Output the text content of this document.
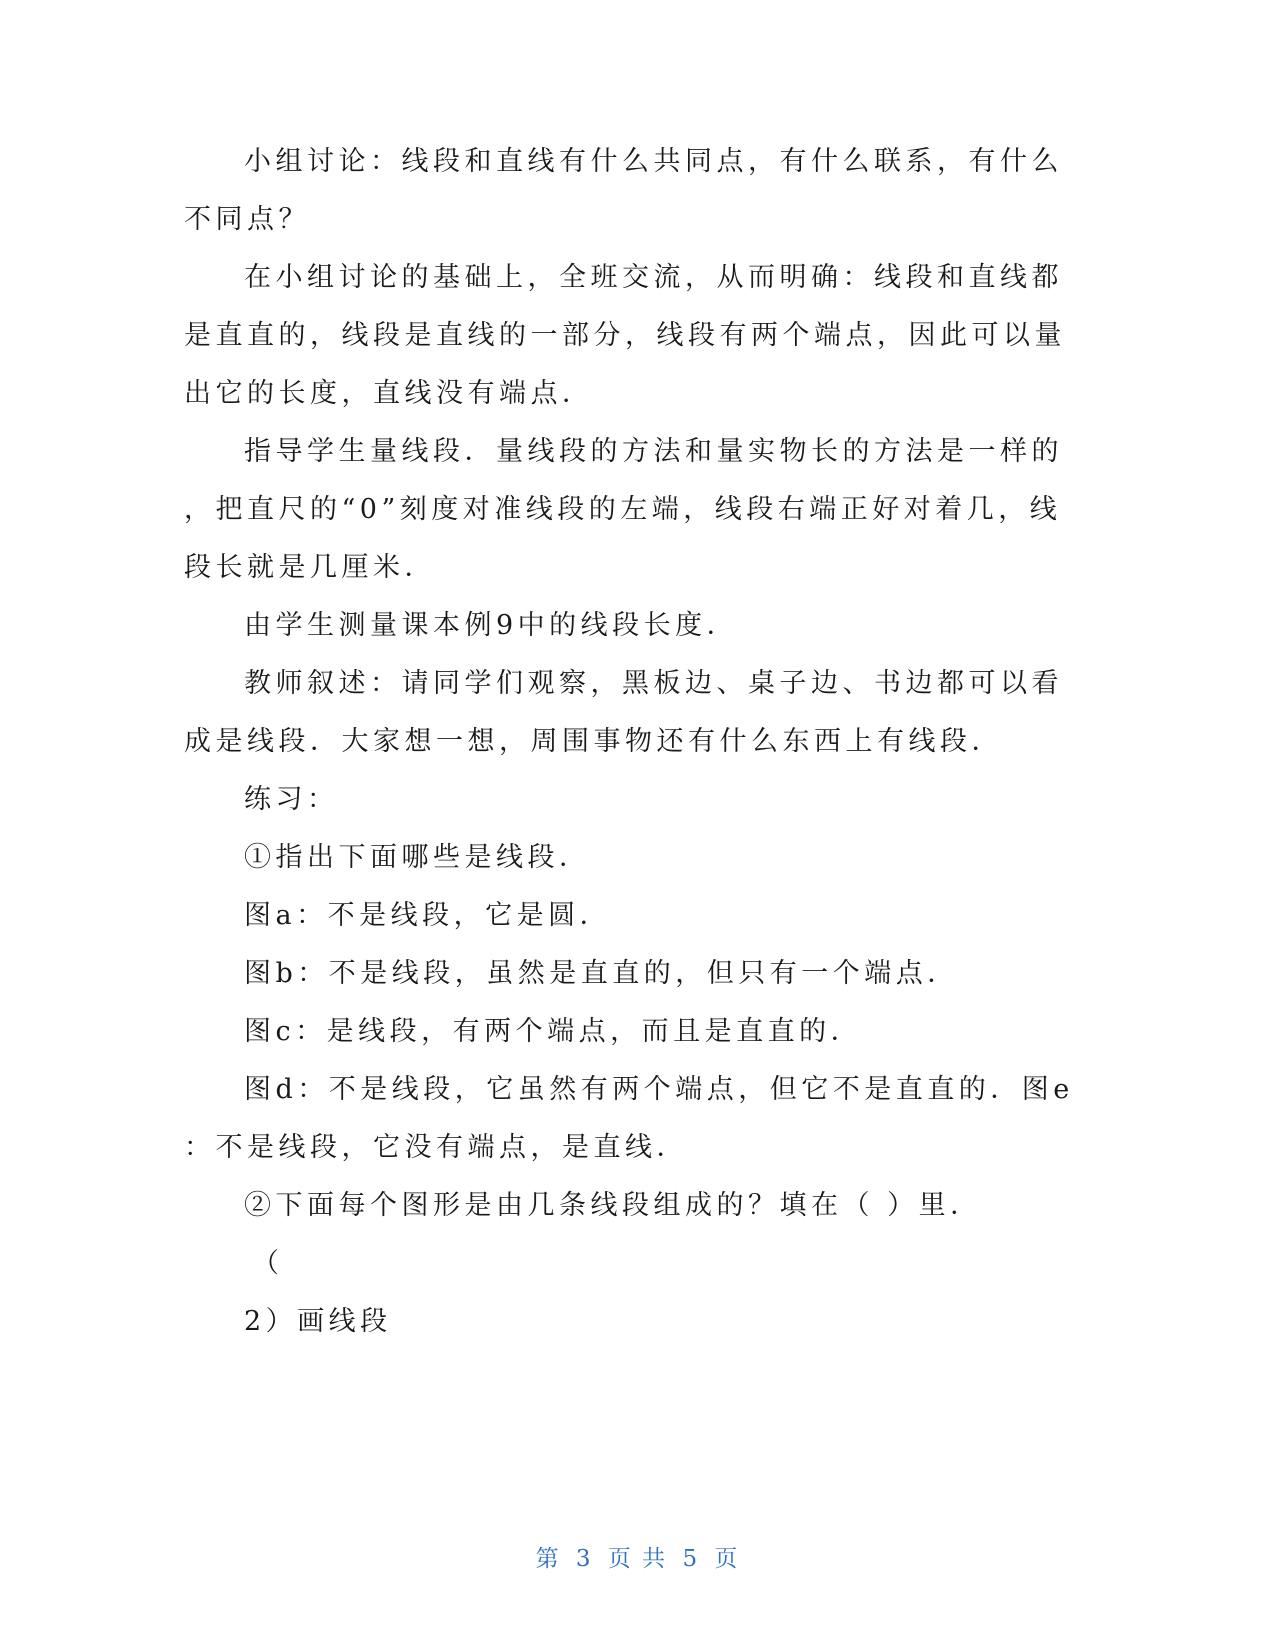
小组讨论：线段和直线有什么共同点，有什么联系，有什么
不同点？
在小组讨论的基础上，全班交流，从而明确：线段和直线都
是直直的，线段是直线的一部分，线段有两个端点，因此可以量
出它的长度，直线没有端点．
指导学生量线段．量线段的方法和量实物长的方法是一样的
，把直尺的“0”刻度对准线段的左端，线段右端正好对着几，线
段长就是几厘米．
由学生测量课本例9中的线段长度．
教师叙述：请同学们观察，黑板边、桌子边、书边都可以看
成是线段．大家想一想，周围事物还有什么东西上有线段．
练习：
①指出下面哪些是线段．
图a：不是线段，它是圆．
图b：不是线段，虽然是直直的，但只有一个端点．
图c：是线段，有两个端点，而且是直直的．
图d：不是线段，它虽然有两个端点，但它不是直直的．图e
：不是线段，它没有端点，是直线．
②下面每个图形是由几条线段组成的？填在（ ）里．
（
2）画线段
第 3 页 共 5 页
